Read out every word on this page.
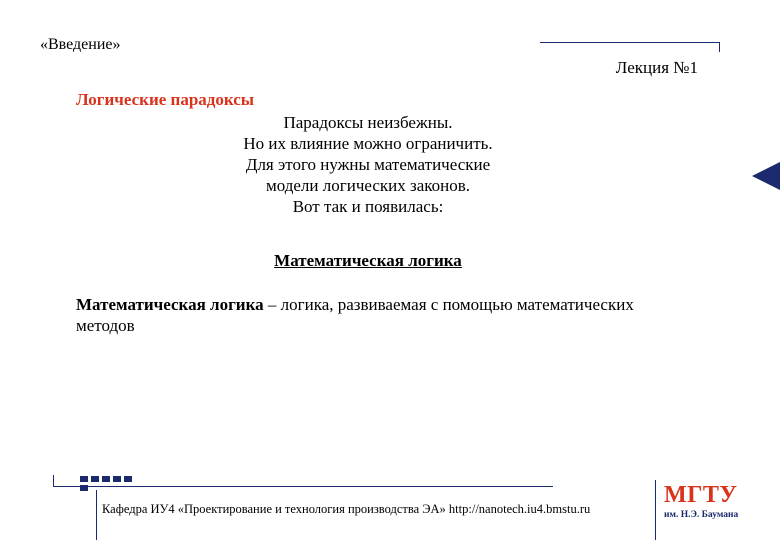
«Введение»
Лекция №1
Логические парадоксы
Парадоксы неизбежны.
Но их влияние можно ограничить.
Для этого нужны математические
модели логических законов.
Вот так и появилась:
Математическая логика
Математическая логика – логика, развиваемая с помощью математических методов
Кафедра ИУ4 «Проектирование и технология производства ЭА» http://nanotech.iu4.bmstu.ru
МГТУ
им. Н.Э. Баумана
